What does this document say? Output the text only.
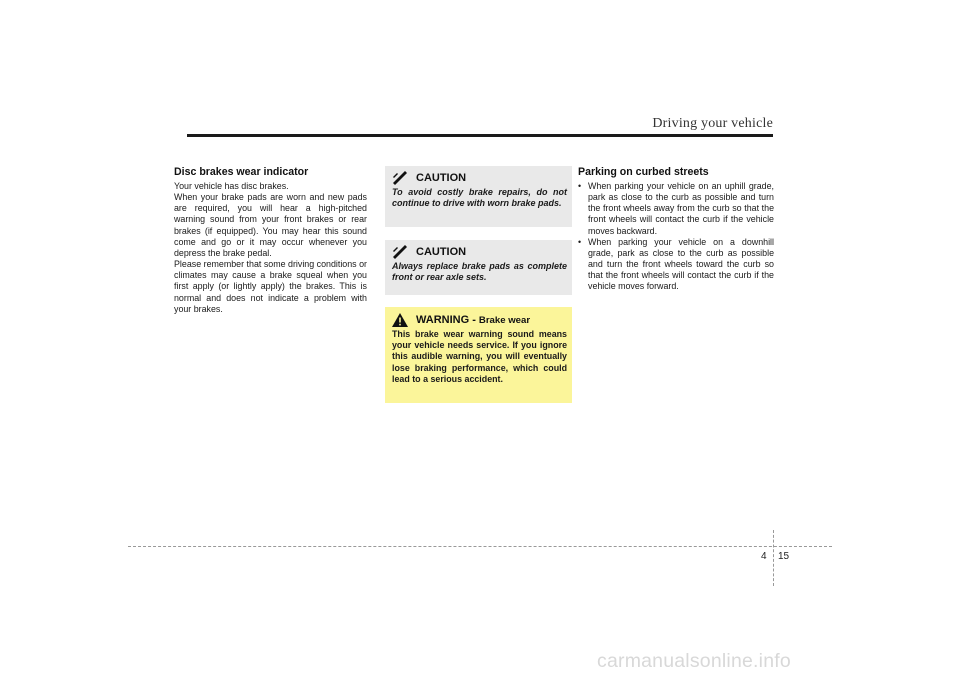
Driving your vehicle
Disc brakes wear indicator

Your vehicle has disc brakes.

When your brake pads are worn and new pads are required, you will hear a high-pitched warning sound from your front brakes or rear brakes (if equipped). You may hear this sound come and go or it may occur whenever you depress the brake pedal.

Please remember that some driving conditions or climates may cause a brake squeal when you first apply (or lightly apply) the brakes. This is normal and does not indicate a problem with your brakes.

CAUTION
To avoid costly brake repairs, do not continue to drive with worn brake pads.
CAUTION
Always replace brake pads as complete front or rear axle sets.
WARNING - Brake wear
This brake wear warning sound means your vehicle needs service. If you ignore this audible warning, you will eventually lose braking performance, which could lead to a serious accident.
Parking on curbed streets
• When parking your vehicle on an uphill grade, park as close to the curb as possible and turn the front wheels away from the curb so that the front wheels will contact the curb if the vehicle moves backward.
• When parking your vehicle on a downhill grade, park as close to the curb as possible and turn the front wheels toward the curb so that the front wheels will contact the curb if the vehicle moves forward.
4 15
carmanualsonline.info
